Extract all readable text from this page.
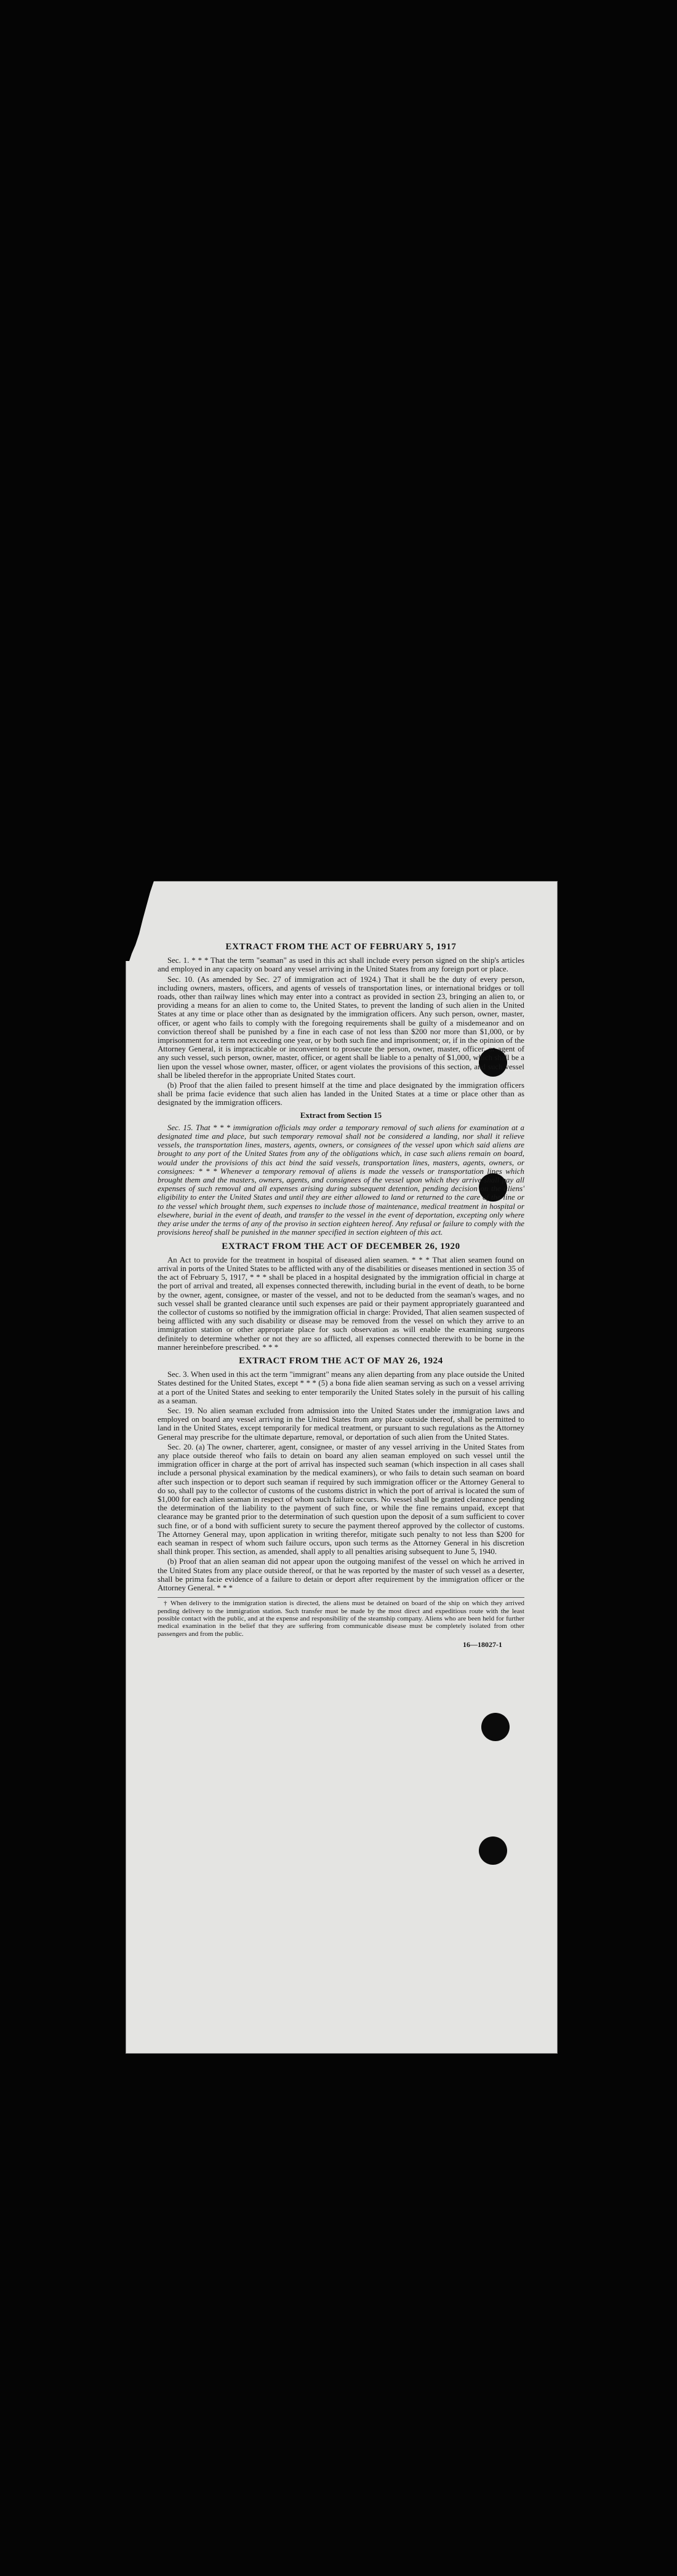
EXTRACT FROM THE ACT OF FEBRUARY 5, 1917

Sec. 1. * * * That the term "seaman" as used in this act shall include every person signed on the ship's articles and employed in any capacity on board any vessel arriving in the United States from any foreign port or place.

Sec. 10. (As amended by Sec. 27 of immigration act of 1924.) That it shall be the duty of every person, including owners, masters, officers, and agents of vessels of transportation lines, or international bridges or toll roads, other than railway lines which may enter into a contract as provided in section 23, bringing an alien to, or providing a means for an alien to come to, the United States, to prevent the landing of such alien in the United States at any time or place other than as designated by the immigration officers. Any such person, owner, master, officer, or agent who fails to comply with the foregoing requirements shall be guilty of a misdemeanor and on conviction thereof shall be punished by a fine in each case of not less than $200 nor more than $1,000, or by imprisonment for a term not exceeding one year, or by both such fine and imprisonment; or, if in the opinion of the Attorney General, it is impracticable or inconvenient to prosecute the person, owner, master, officer, or agent of any such vessel, such person, owner, master, officer, or agent shall be liable to a penalty of $1,000, which shall be a lien upon the vessel whose owner, master, officer, or agent violates the provisions of this section, and such vessel shall be libeled therefor in the appropriate United States court.

(b) Proof that the alien failed to present himself at the time and place designated by the immigration officers shall be prima facie evidence that such alien has landed in the United States at a time or place other than as designated by the immigration officers.

Extract from Section 15

Sec. 15. That * * * immigration officials may order a temporary removal of such aliens for examination at a designated time and place, but such temporary removal shall not be considered a landing, nor shall it relieve vessels, the transportation lines, masters, agents, owners, or consignees of the vessel upon which said aliens are brought to any port of the United States from any of the obligations which, in case such aliens remain on board, would under the provisions of this act bind the said vessels, transportation lines, masters, agents, owners, or consignees: * * * Whenever a temporary removal of aliens is made the vessels or transportation lines which brought them and the masters, owners, agents, and consignees of the vessel upon which they arrive shall pay all expenses of such removal and all expenses arising during subsequent detention, pending decision on the aliens' eligibility to enter the United States and until they are either allowed to land or returned to the care of the line or to the vessel which brought them, such expenses to include those of maintenance, medical treatment in hospital or elsewhere, burial in the event of death, and transfer to the vessel in the event of deportation, excepting only where they arise under the terms of any of the proviso in section eighteen hereof. Any refusal or failure to comply with the provisions hereof shall be punished in the manner specified in section eighteen of this act.

EXTRACT FROM THE ACT OF DECEMBER 26, 1920

An Act to provide for the treatment in hospital of diseased alien seamen. * * * That alien seamen found on arrival in ports of the United States to be afflicted with any of the disabilities or diseases mentioned in section 35 of the act of February 5, 1917, * * * shall be placed in a hospital designated by the immigration official in charge at the port of arrival and treated, all expenses connected therewith, including burial in the event of death, to be borne by the owner, agent, consignee, or master of the vessel, and not to be deducted from the seaman's wages, and no such vessel shall be granted clearance until such expenses are paid or their payment appropriately guaranteed and the collector of customs so notified by the immigration official in charge: Provided, That alien seamen suspected of being afflicted with any such disability or disease may be removed from the vessel on which they arrive to an immigration station or other appropriate place for such observation as will enable the examining surgeons definitely to determine whether or not they are so afflicted, all expenses connected therewith to be borne in the manner hereinbefore prescribed. * * *

EXTRACT FROM THE ACT OF MAY 26, 1924

Sec. 3. When used in this act the term "immigrant" means any alien departing from any place outside the United States destined for the United States, except * * * (5) a bona fide alien seaman serving as such on a vessel arriving at a port of the United States and seeking to enter temporarily the United States solely in the pursuit of his calling as a seaman.

Sec. 19. No alien seaman excluded from admission into the United States under the immigration laws and employed on board any vessel arriving in the United States from any place outside thereof, shall be permitted to land in the United States, except temporarily for medical treatment, or pursuant to such regulations as the Attorney General may prescribe for the ultimate departure, removal, or deportation of such alien from the United States.

Sec. 20. (a) The owner, charterer, agent, consignee, or master of any vessel arriving in the United States from any place outside thereof who fails to detain on board any alien seaman employed on such vessel until the immigration officer in charge at the port of arrival has inspected such seaman (which inspection in all cases shall include a personal physical examination by the medical examiners), or who fails to detain such seaman on board after such inspection or to deport such seaman if required by such immigration officer or the Attorney General to do so, shall pay to the collector of customs of the customs district in which the port of arrival is located the sum of $1,000 for each alien seaman in respect of whom such failure occurs. No vessel shall be granted clearance pending the determination of the liability to the payment of such fine, or while the fine remains unpaid, except that clearance may be granted prior to the determination of such question upon the deposit of a sum sufficient to cover such fine, or of a bond with sufficient surety to secure the payment thereof approved by the collector of customs. The Attorney General may, upon application in writing therefor, mitigate such penalty to not less than $200 for each seaman in respect of whom such failure occurs, upon such terms as the Attorney General in his discretion shall think proper. This section, as amended, shall apply to all penalties arising subsequent to June 5, 1940.

(b) Proof that an alien seaman did not appear upon the outgoing manifest of the vessel on which he arrived in the United States from any place outside thereof, or that he was reported by the master of such vessel as a deserter, shall be prima facie evidence of a failure to detain or deport after requirement by the immigration officer or the Attorney General. * * *

† When delivery to the immigration station is directed, the aliens must be detained on board of the ship on which they arrived pending delivery to the immigration station. Such transfer must be made by the most direct and expeditious route with the least possible contact with the public, and at the expense and responsibility of the steamship company. Aliens who are been held for further medical examination in the belief that they are suffering from communicable disease must be completely isolated from other passengers and from the public.

16—18027-1
